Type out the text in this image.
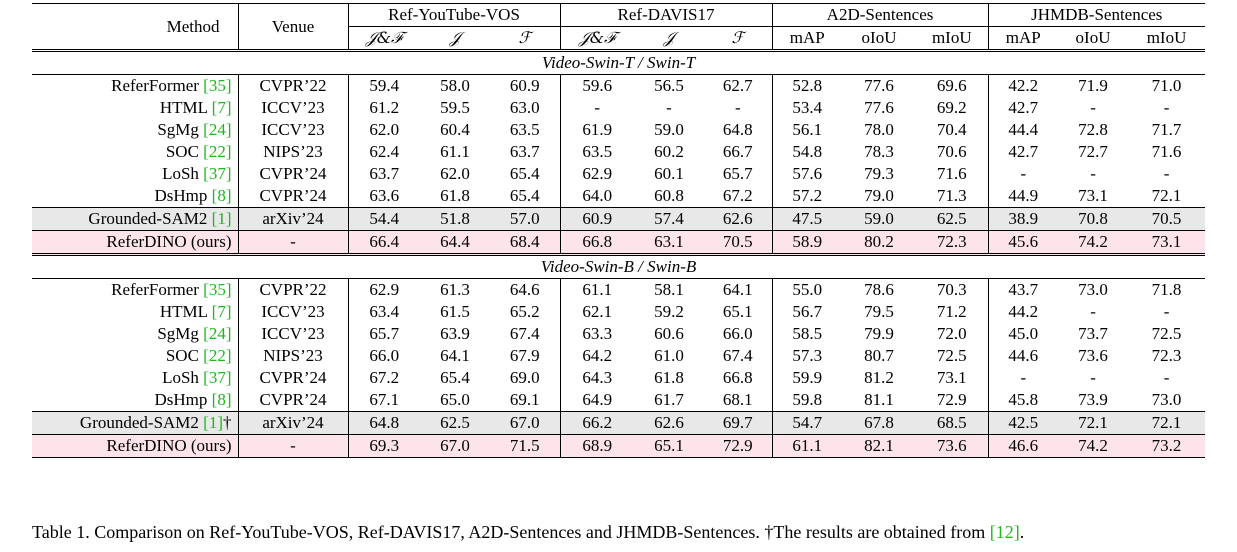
Method	Venue	Ref-YouTube-VOS			Ref-DAVIS17			A2D-Sentences			JHMDB-Sentences		
		𝒥&ℱ	𝒥	ℱ	𝒥&ℱ	𝒥	ℱ	mAP	oIoU	mIoU	mAP	oIoU	mIoU
Video-Swin-T / Swin-T													
ReferFormer [35]	CVPR’22	59.4	58.0	60.9	59.6	56.5	62.7	52.8	77.6	69.6	42.2	71.9	71.0
HTML [7]	ICCV’23	61.2	59.5	63.0	-	-	-	53.4	77.6	69.2	42.7	-	-
SgMg [24]	ICCV’23	62.0	60.4	63.5	61.9	59.0	64.8	56.1	78.0	70.4	44.4	72.8	71.7
SOC [22]	NIPS’23	62.4	61.1	63.7	63.5	60.2	66.7	54.8	78.3	70.6	42.7	72.7	71.6
LoSh [37]	CVPR’24	63.7	62.0	65.4	62.9	60.1	65.7	57.6	79.3	71.6	-	-	-
DsHmp [8]	CVPR’24	63.6	61.8	65.4	64.0	60.8	67.2	57.2	79.0	71.3	44.9	73.1	72.1
Grounded-SAM2 [1]	arXiv’24	54.4	51.8	57.0	60.9	57.4	62.6	47.5	59.0	62.5	38.9	70.8	70.5
ReferDINO (ours)	-	66.4	64.4	68.4	66.8	63.1	70.5	58.9	80.2	72.3	45.6	74.2	73.1
Video-Swin-B / Swin-B													
ReferFormer [35]	CVPR’22	62.9	61.3	64.6	61.1	58.1	64.1	55.0	78.6	70.3	43.7	73.0	71.8
HTML [7]	ICCV’23	63.4	61.5	65.2	62.1	59.2	65.1	56.7	79.5	71.2	44.2	-	-
SgMg [24]	ICCV’23	65.7	63.9	67.4	63.3	60.6	66.0	58.5	79.9	72.0	45.0	73.7	72.5
SOC [22]	NIPS’23	66.0	64.1	67.9	64.2	61.0	67.4	57.3	80.7	72.5	44.6	73.6	72.3
LoSh [37]	CVPR’24	67.2	65.4	69.0	64.3	61.8	66.8	59.9	81.2	73.1	-	-	-
DsHmp [8]	CVPR’24	67.1	65.0	69.1	64.9	61.7	68.1	59.8	81.1	72.9	45.8	73.9	73.0
Grounded-SAM2 [1]†	arXiv’24	64.8	62.5	67.0	66.2	62.6	69.7	54.7	67.8	68.5	42.5	72.1	72.1
ReferDINO (ours)	-	69.3	67.0	71.5	68.9	65.1	72.9	61.1	82.1	73.6	46.6	74.2	73.2
Table 1. Comparison on Ref-YouTube-VOS, Ref-DAVIS17, A2D-Sentences and JHMDB-Sentences. †The results are obtained from [12].
